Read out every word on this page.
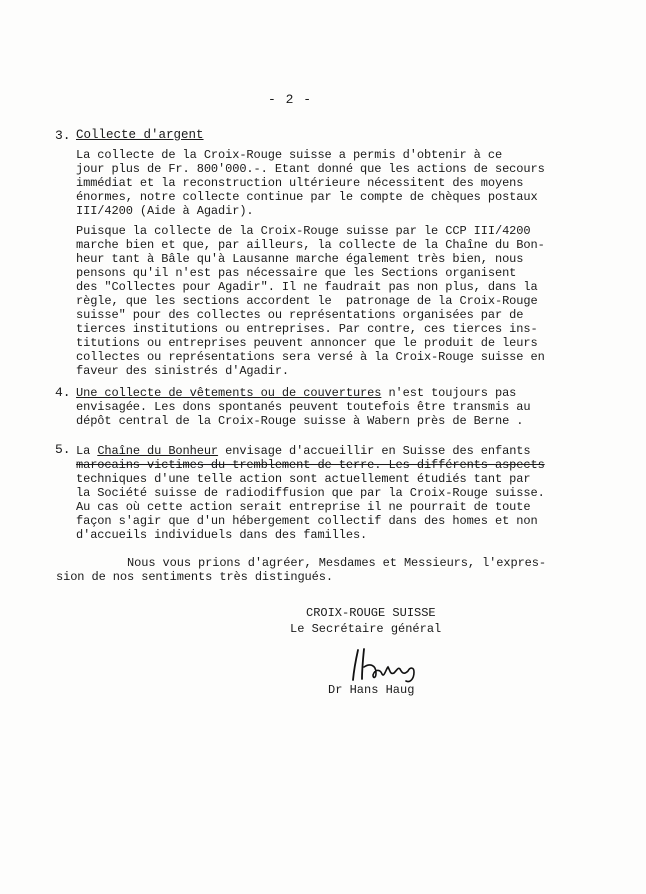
- 2 -
3. Collecte d'argent
La collecte de la Croix-Rouge suisse a permis d'obtenir à ce
jour plus de Fr. 800'000.-. Etant donné que les actions de secours
immédiat et la reconstruction ultérieure nécessitent des moyens
énormes, notre collecte continue par le compte de chèques postaux
III/4200 (Aide à Agadir).
Puisque la collecte de la Croix-Rouge suisse par le CCP III/4200
marche bien et que, par ailleurs, la collecte de la Chaîne du Bon-
heur tant à Bâle qu'à Lausanne marche également très bien, nous
pensons qu'il n'est pas nécessaire que les Sections organisent
des "Collectes pour Agadir". Il ne faudrait pas non plus, dans la
règle, que les sections accordent le  patronage de la Croix-Rouge
suisse" pour des collectes ou représentations organisées par de
tierces institutions ou entreprises. Par contre, ces tierces ins-
titutions ou entreprises peuvent annoncer que le produit de leurs
collectes ou représentations sera versé à la Croix-Rouge suisse en
faveur des sinistrés d'Agadir.
4. Une collecte de vêtements ou de couvertures n'est toujours pas
envisagée. Les dons spontanés peuvent toutefois être transmis au
dépôt central de la Croix-Rouge suisse à Wabern près de Berne .
5. La Chaîne du Bonheur envisage d'accueillir en Suisse des enfants
marocains victimes du tremblement de terre. Les différents aspects
techniques d'une telle action sont actuellement étudiés tant par
la Société suisse de radiodiffusion que par la Croix-Rouge suisse.
Au cas où cette action serait entreprise il ne pourrait de toute
façon s'agir que d'un hébergement collectif dans des homes et non
d'accueils individuels dans des familles.
Nous vous prions d'agréer, Mesdames et Messieurs, l'expres-
sion de nos sentiments très distingués.
CROIX-ROUGE SUISSE
Le Secrétaire général
Dr Hans Haug
